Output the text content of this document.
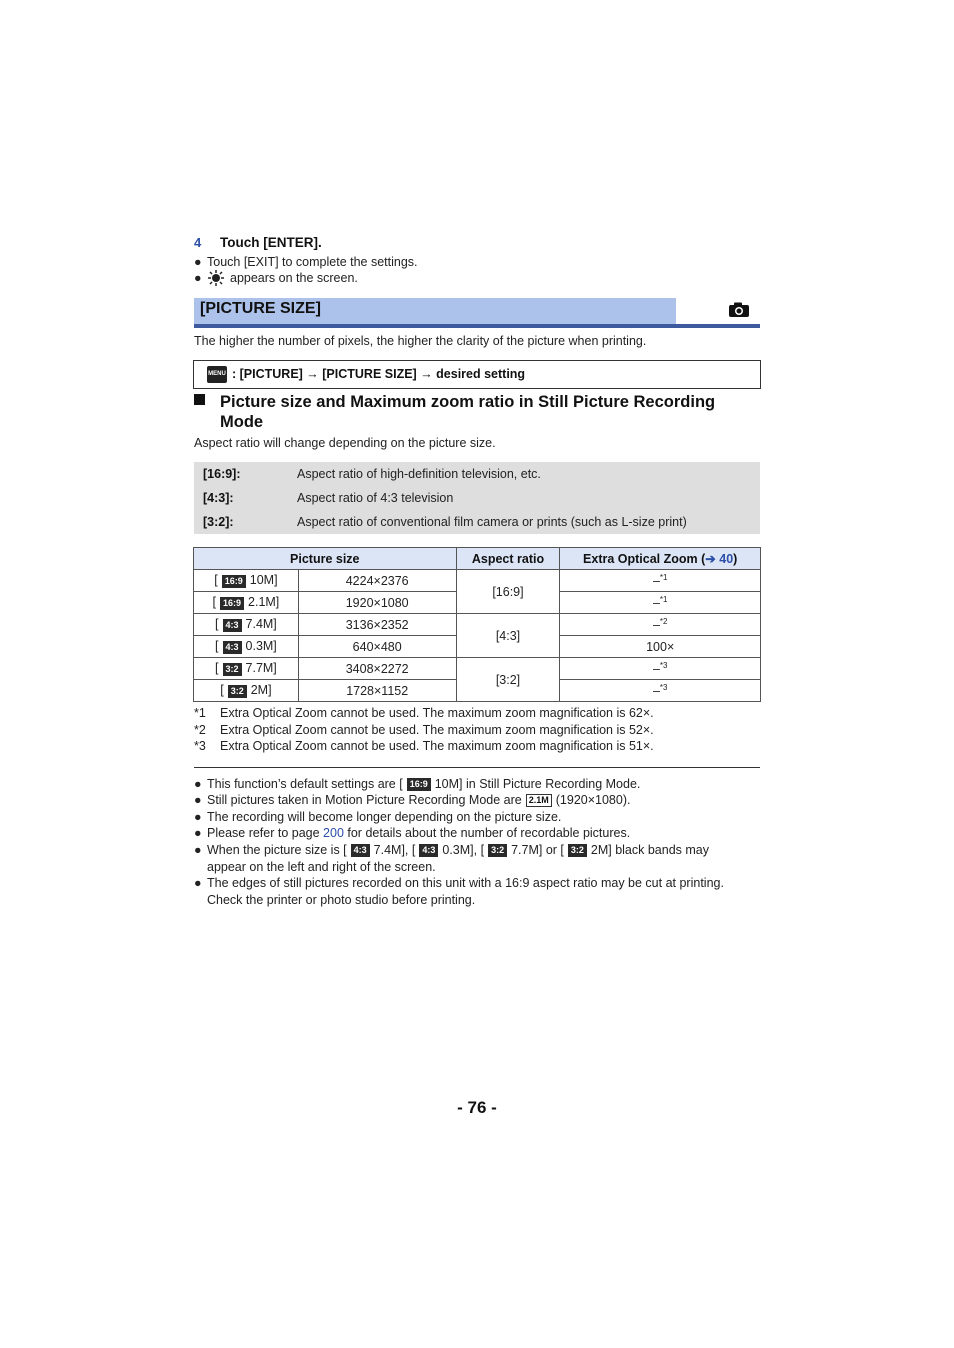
4 Touch [ENTER].
● Touch [EXIT] to complete the settings.
● appears on the screen.
[PICTURE SIZE]
The higher the number of pixels, the higher the clarity of the picture when printing.
MENU : [PICTURE] → [PICTURE SIZE] → desired setting
Picture size and Maximum zoom ratio in Still Picture Recording Mode
Aspect ratio will change depending on the picture size.
[16:9]:	Aspect ratio of high-definition television, etc.
[4:3]:	Aspect ratio of 4:3 television
[3:2]:	Aspect ratio of conventional film camera or prints (such as L-size print)
Picture size		Aspect ratio	Extra Optical Zoom (➔ 40)
[ 16:9 10M]	4224×2376	[16:9]	–$^{*1}$
[ 16:9 2.1M]	1920×1080		–$^{*1}$
[ 4:3 7.4M]	3136×2352	[4:3]	–$^{*2}$
[ 4:3 0.3M]	640×480		100×
[ 3:2 7.7M]	3408×2272	[3:2]	–$^{*3}$
[ 3:2 2M]	1728×1152		–$^{*3}$
*1 Extra Optical Zoom cannot be used. The maximum zoom magnification is 62×.
*2 Extra Optical Zoom cannot be used. The maximum zoom magnification is 52×.
*3 Extra Optical Zoom cannot be used. The maximum zoom magnification is 51×.
● This function’s default settings are [ 16:9 10M] in Still Picture Recording Mode.
● Still pictures taken in Motion Picture Recording Mode are 2.1M (1920×1080).
● The recording will become longer depending on the picture size.
● Please refer to page 200 for details about the number of recordable pictures.
● When the picture size is [ 4:3 7.4M], [ 4:3 0.3M], [ 3:2 7.7M] or [ 3:2 2M] black bands may
appear on the left and right of the screen.
● The edges of still pictures recorded on this unit with a 16:9 aspect ratio may be cut at printing.
Check the printer or photo studio before printing.
- 76 -
